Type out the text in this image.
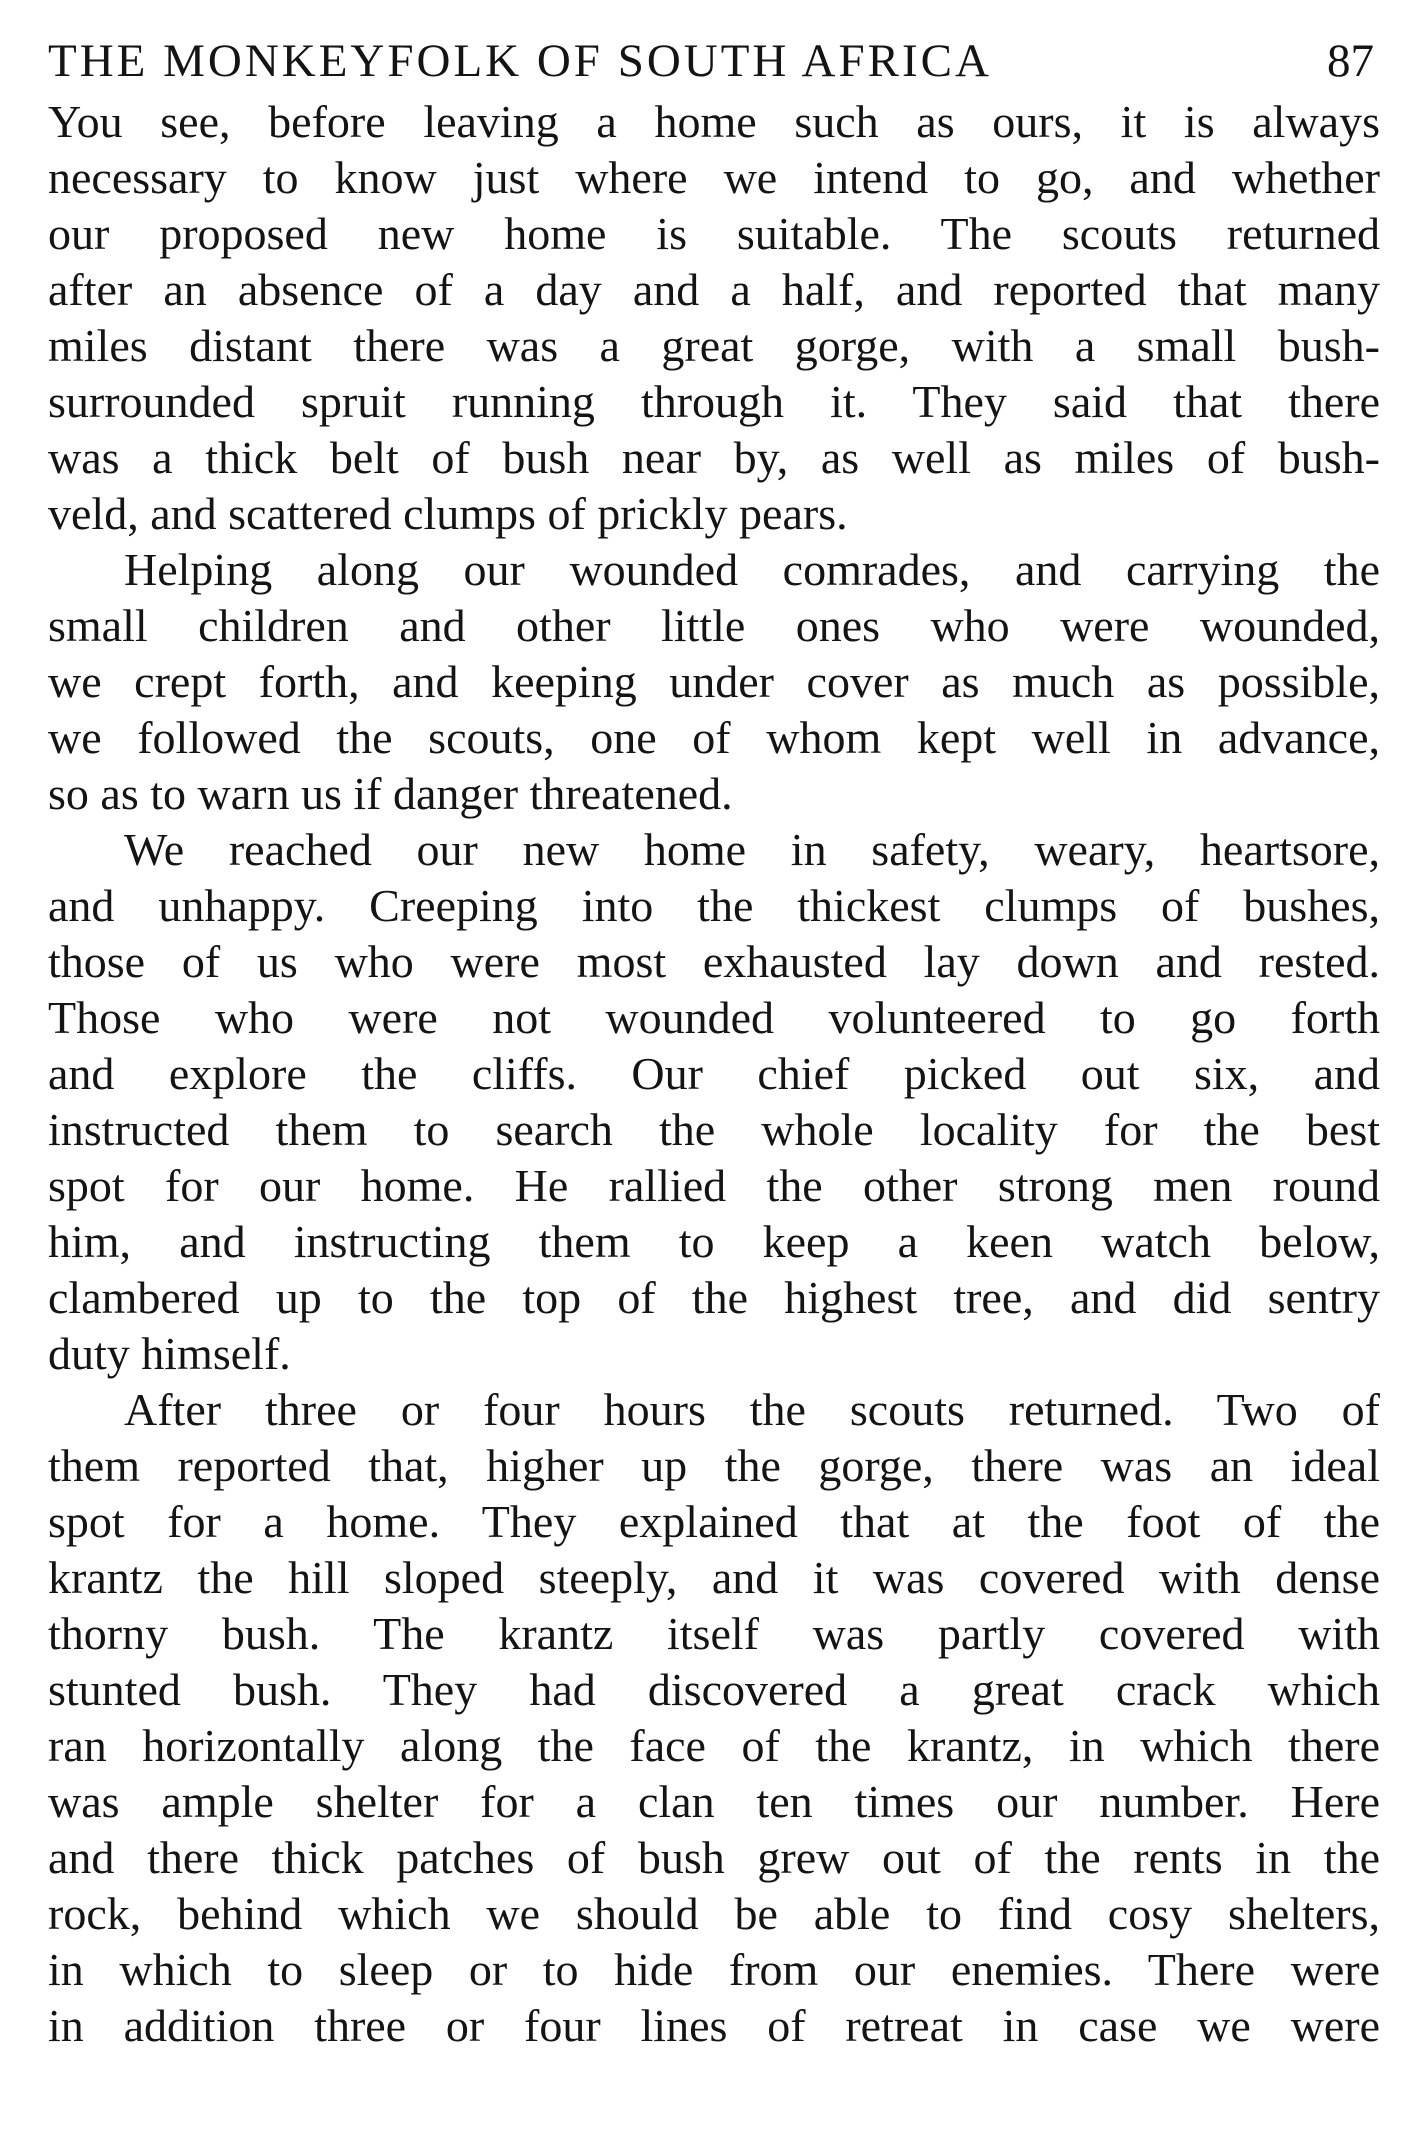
THE MONKEYFOLK OF SOUTH AFRICA	87
You see, before leaving a home such as ours, it is always
necessary to know just where we intend to go, and whether
our proposed new home is suitable. The scouts returned
after an absence of a day and a half, and reported that many
miles distant there was a great gorge, with a small bush-
surrounded spruit running through it. They said that there
was a thick belt of bush near by, as well as miles of bush-
veld, and scattered clumps of prickly pears.
Helping along our wounded comrades, and carrying the
small children and other little ones who were wounded,
we crept forth, and keeping under cover as much as possible,
we followed the scouts, one of whom kept well in advance,
so as to warn us if danger threatened.
We reached our new home in safety, weary, heartsore,
and unhappy. Creeping into the thickest clumps of bushes,
those of us who were most exhausted lay down and rested.
Those who were not wounded volunteered to go forth
and explore the cliffs. Our chief picked out six, and
instructed them to search the whole locality for the best
spot for our home. He rallied the other strong men round
him, and instructing them to keep a keen watch below,
clambered up to the top of the highest tree, and did sentry
duty himself.
After three or four hours the scouts returned. Two of
them reported that, higher up the gorge, there was an ideal
spot for a home. They explained that at the foot of the
krantz the hill sloped steeply, and it was covered with dense
thorny bush. The krantz itself was partly covered with
stunted bush. They had discovered a great crack which
ran horizontally along the face of the krantz, in which there
was ample shelter for a clan ten times our number. Here
and there thick patches of bush grew out of the rents in the
rock, behind which we should be able to find cosy shelters,
in which to sleep or to hide from our enemies. There were
in addition three or four lines of retreat in case we were
